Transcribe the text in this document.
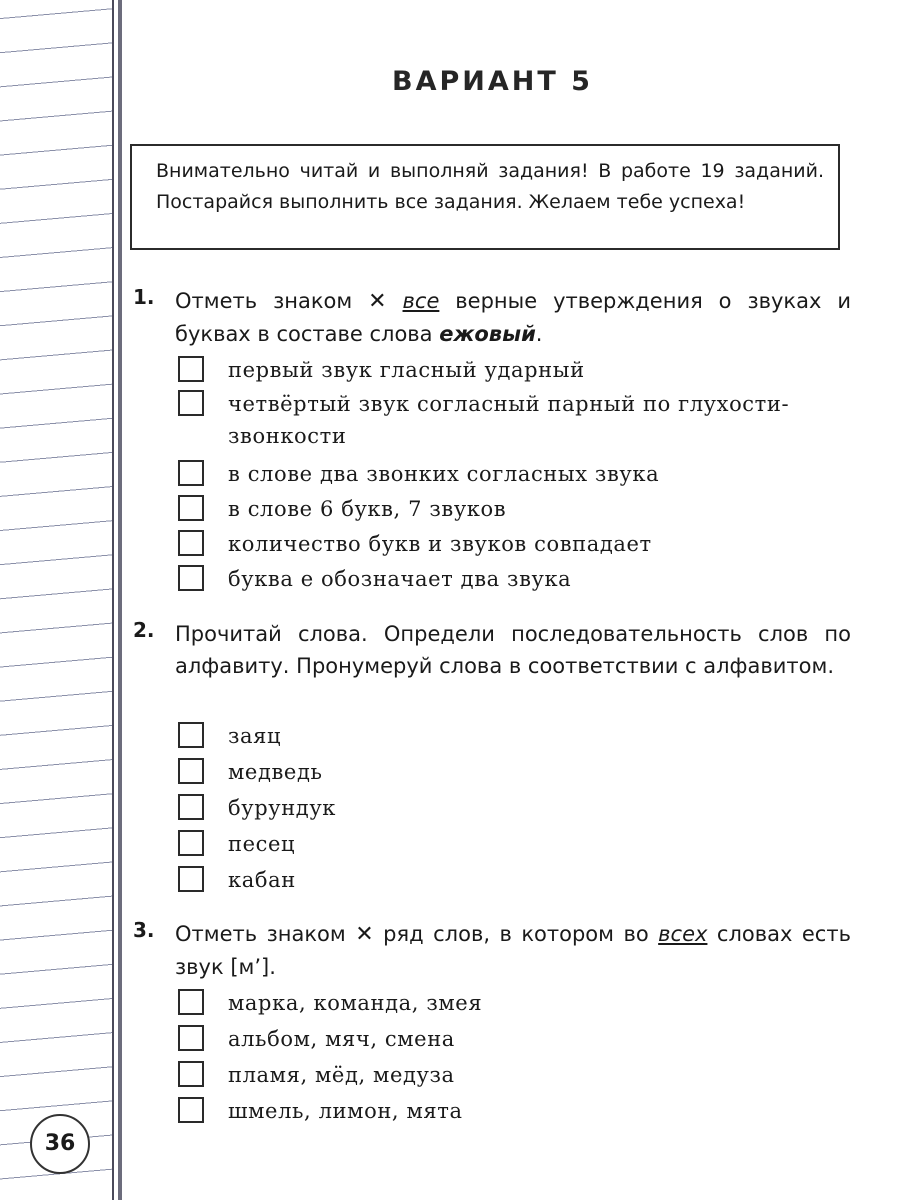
ВАРИАНТ 5
Внимательно читай и выполняй задания! В работе 19 заданий. Постарайся выполнить все задания. Желаем тебе успеха!
1. Отметь знаком ✕ все верные утверждения о звуках и буквах в составе слова ежовый.
первый звук гласный ударный
четвёртый звук согласный парный по глухости-звонкости
в слове два звонких согласных звука
в слове 6 букв, 7 звуков
количество букв и звуков совпадает
буква е обозначает два звука
2. Прочитай слова. Определи последовательность слов по алфавиту. Пронумеруй слова в соответствии с алфавитом.
заяц
медведь
бурундук
песец
кабан
3. Отметь знаком ✕ ряд слов, в котором во всех словах есть звук [м’].
марка, команда, змея
альбом, мяч, смена
пламя, мёд, медуза
шмель, лимон, мята
36
